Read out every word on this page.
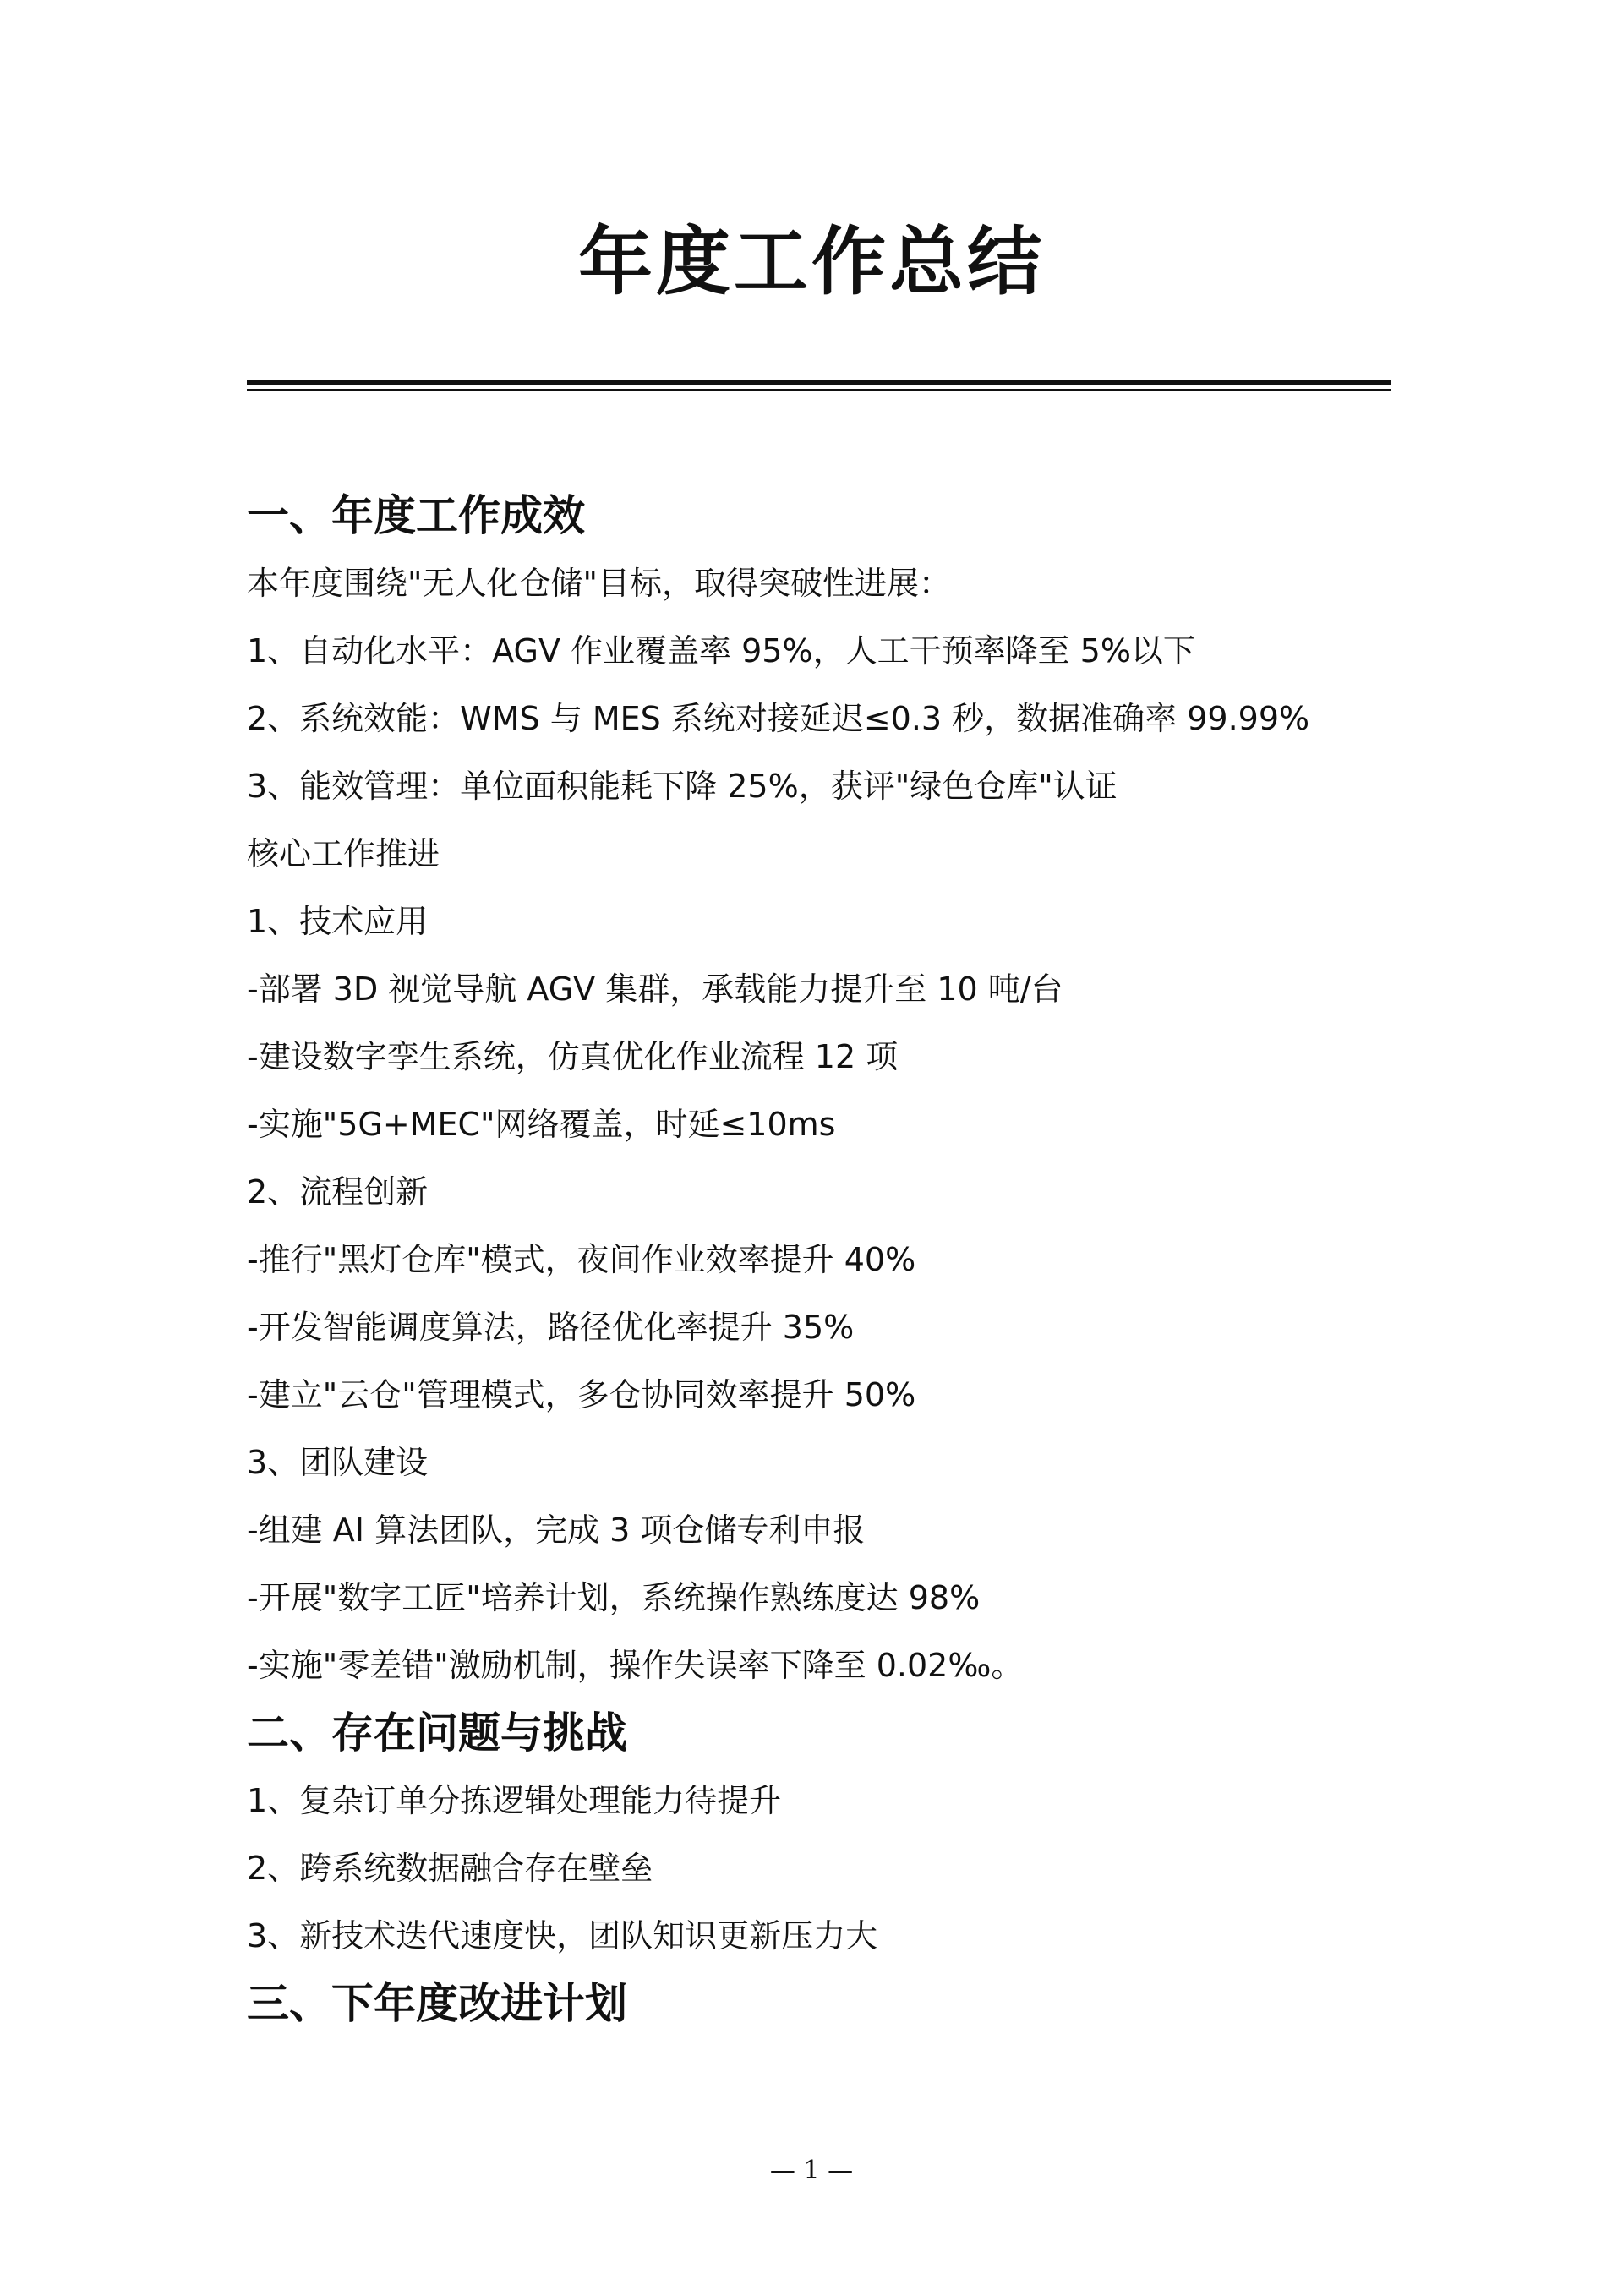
年度工作总结
一、年度工作成效

本年度围绕"无人化仓储"目标，取得突破性进展：

1、自动化水平：AGV 作业覆盖率 95%，人工干预率降至 5%以下

2、系统效能：WMS 与 MES 系统对接延迟≤0.3 秒，数据准确率 99.99%

3、能效管理：单位面积能耗下降 25%，获评"绿色仓库"认证

核心工作推进

1、技术应用

-部署 3D 视觉导航 AGV 集群，承载能力提升至 10 吨/台

-建设数字孪生系统，仿真优化作业流程 12 项

-实施"5G+MEC"网络覆盖，时延≤10ms

2、流程创新

-推行"黑灯仓库"模式，夜间作业效率提升 40%

-开发智能调度算法，路径优化率提升 35%

-建立"云仓"管理模式，多仓协同效率提升 50%

3、团队建设

-组建 AI 算法团队，完成 3 项仓储专利申报

-开展"数字工匠"培养计划，系统操作熟练度达 98%

-实施"零差错"激励机制，操作失误率下降至 0.02‰。

二、存在问题与挑战

1、复杂订单分拣逻辑处理能力待提升

2、跨系统数据融合存在壁垒

3、新技术迭代速度快，团队知识更新压力大

三、下年度改进计划
— 1 —
